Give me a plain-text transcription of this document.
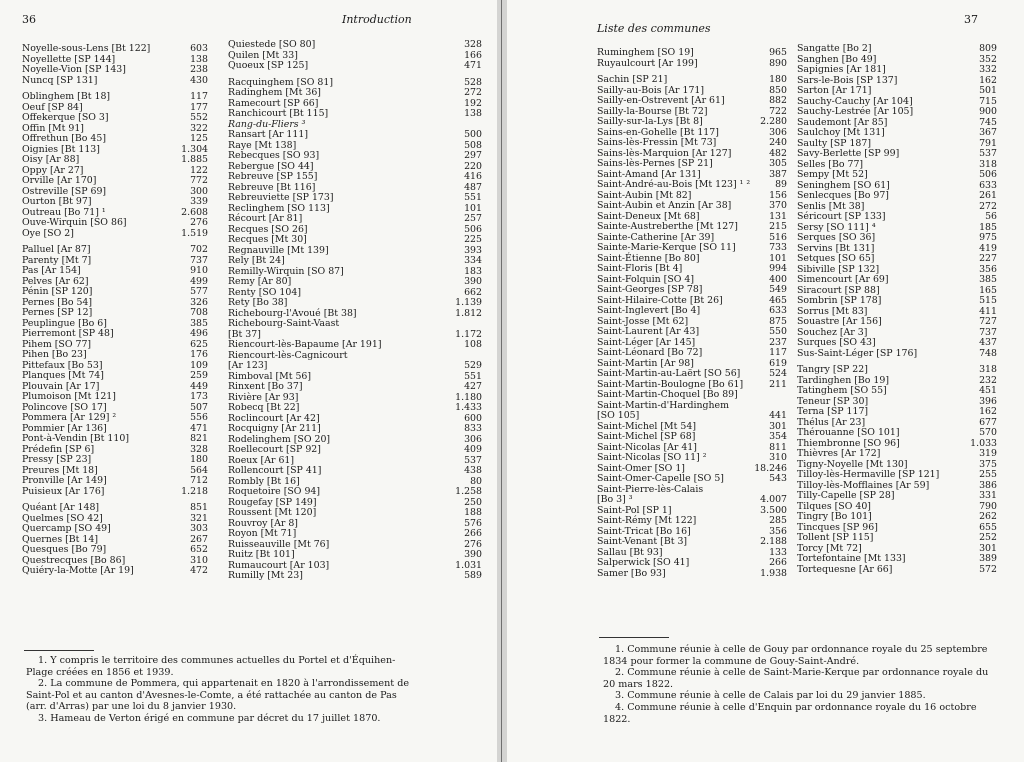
36	Introduction
Noyelle-sous-Lens [Bt 122]	603
Noyellette [SP 144]	138
Noyelle-Vion [SP 143]	238
Nuncq [SP 131]	430
Oblinghem [Bt 18]	117
Oeuf [SP 84]	177
Offekerque [SO 3]	552
Offin [Mt 91]	322
Offrethun [Bo 45]	125
Oignies [Bt 113]	1.304
Oisy [Ar 88]	1.885
Oppy [Ar 27]	122
Orville [Ar 170]	772
Ostreville [SP 69]	300
Ourton [Bt 97]	339
Outreau [Bo 71] ¹	2.608
Ouve-Wirquin [SO 86]	276
Oye [SO 2]	1.519
Palluel [Ar 87]	702
Parenty [Mt 7]	737
Pas [Ar 154]	910
Pelves [Ar 62]	499
Pénin [SP 120]	577
Pernes [Bo 54]	326
Pernes [SP 12]	708
Peuplingue [Bo 6]	385
Pierremont [SP 48]	496
Pihem [SO 77]	625
Pihen [Bo 23]	176
Pittefaux [Bo 53]	109
Planques [Mt 74]	259
Plouvain [Ar 17]	449
Plumoison [Mt 121]	173
Polincove [SO 17]	507
Pommera [Ar 129] ²	556
Pommier [Ar 136]	471
Pont-à-Vendin [Bt 110]	821
Prédefin [SP 6]	328
Pressy [SP 23]	180
Preures [Mt 18]	564
Pronville [Ar 149]	712
Puisieux [Ar 176]	1.218
Quéant [Ar 148]	851
Quelmes [SO 42]	321
Quercamp [SO 49]	303
Quernes [Bt 14]	267
Quesques [Bo 79]	652
Questrecques [Bo 86]	310
Quiéry-la-Motte [Ar 19]	472
Quiestede [SO 80]	328
Quilen [Mt 33]	166
Quoeux [SP 125]	471
Racquinghem [SO 81]	528
Radinghem [Mt 36]	272
Ramecourt [SP 66]	192
Ranchicourt [Bt 115]	138
Rang-du-Fliers ³
Ransart [Ar 111]	500
Raye [Mt 138]	508
Rebecques [SO 93]	297
Rebergue [SO 44]	220
Rebreuve [SP 155]	416
Rebreuve [Bt 116]	487
Rebreuviette [SP 173]	551
Reclinghem [SO 113]	101
Récourt [Ar 81]	257
Recques [SO 26]	506
Recques [Mt 30]	225
Regnauville [Mt 139]	393
Rely [Bt 24]	334
Remilly-Wirquin [SO 87]	183
Remy [Ar 80]	390
Renty [SO 104]	662
Rety [Bo 38]	1.139
Richebourg-l'Avoué [Bt 38]	1.812
Richebourg-Saint-Vaast
[Bt 37]	1.172
Riencourt-lès-Bapaume [Ar 191]	108
Riencourt-lès-Cagnicourt
[Ar 123]	529
Rimboval [Mt 56]	551
Rinxent [Bo 37]	427
Rivière [Ar 93]	1.180
Robecq [Bt 22]	1.433
Roclincourt [Ar 42]	600
Rocquigny [Ar 211]	833
Rodelinghem [SO 20]	306
Roellecourt [SP 92]	409
Roeux [Ar 61]	537
Rollencourt [SP 41]	438
Rombly [Bt 16]	80
Roquetoire [SO 94]	1.258
Rougefay [SP 149]	250
Roussent [Mt 120]	188
Rouvroy [Ar 8]	576
Royon [Mt 71]	266
Ruisseauville [Mt 76]	276
Ruitz [Bt 101]	390
Rumaucourt [Ar 103]	1.031
Rumilly [Mt 23]	589
1. Y compris le territoire des communes actuelles du Portel et d'Équihen-
Plage créées en 1856 et 1939.
2. La commune de Pommera, qui appartenait en 1820 à l'arrondissement de
Saint-Pol et au canton d'Avesnes-le-Comte, a été rattachée au canton de Pas
(arr. d'Arras) par une loi du 8 janvier 1930.
3. Hameau de Verton érigé en commune par décret du 17 juillet 1870.
Liste des communes
37
Ruminghem [SO 19]	965
Ruyaulcourt [Ar 199]	890
Sachin [SP 21]	180
Sailly-au-Bois [Ar 171]	850
Sailly-en-Ostrevent [Ar 61]	882
Sailly-la-Bourse [Bt 72]	722
Sailly-sur-la-Lys [Bt 8]	2.280
Sains-en-Gohelle [Bt 117]	306
Sains-lès-Fressin [Mt 73]	240
Sains-lès-Marquion [Ar 127]	482
Sains-lès-Pernes [SP 21]	305
Saint-Amand [Ar 131]	387
Saint-André-au-Bois [Mt 123] ¹ ²	89
Saint-Aubin [Mt 82]	156
Saint-Aubin et Anzin [Ar 38]	370
Saint-Deneux [Mt 68]	131
Sainte-Austreberthe [Mt 127]	215
Sainte-Catherine [Ar 39]	516
Sainte-Marie-Kerque [SO 11]	733
Saint-Étienne [Bo 80]	101
Saint-Floris [Bt 4]	994
Saint-Folquin [SO 4]	400
Saint-Georges [SP 78]	549
Saint-Hilaire-Cotte [Bt 26]	465
Saint-Inglevert [Bo 4]	633
Saint-Josse [Mt 62]	875
Saint-Laurent [Ar 43]	550
Saint-Léger [Ar 145]	237
Saint-Léonard [Bo 72]	117
Saint-Martin [Ar 98]	619
Saint-Martin-au-Laërt [SO 56]	524
Saint-Martin-Boulogne [Bo 61]	211
Saint-Martin-Choquel [Bo 89]
Saint-Martin-d'Hardinghem
[SO 105]	441
Saint-Michel [Mt 54]	301
Saint-Michel [SP 68]	354
Saint-Nicolas [Ar 41]	811
Saint-Nicolas [SO 11] ²	310
Saint-Omer [SO 1]	18.246
Saint-Omer-Capelle [SO 5]	543
Saint-Pierre-lès-Calais
[Bo 3] ³	4.007
Saint-Pol [SP 1]	3.500
Saint-Rémy [Mt 122]	285
Saint-Tricat [Bo 16]	356
Saint-Venant [Bt 3]	2.188
Sallau [Bt 93]	133
Salperwick [SO 41]	266
Samer [Bo 93]	1.938
Sangatte [Bo 2]	809
Sanghen [Bo 49]	352
Sapignies [Ar 181]	332
Sars-le-Bois [SP 137]	162
Sarton [Ar 171]	501
Sauchy-Cauchy [Ar 104]	715
Sauchy-Lestrée [Ar 105]	900
Saudemont [Ar 85]	745
Saulchoy [Mt 131]	367
Saulty [SP 187]	791
Savy-Berlette [SP 99]	537
Selles [Bo 77]	318
Sempy [Mt 52]	506
Seninghem [SO 61]	633
Senlecques [Bo 97]	261
Senlis [Mt 38]	272
Séricourt [SP 133]	56
Sersy [SO 111] ⁴	185
Serques [SO 36]	975
Servins [Bt 131]	419
Setques [SO 65]	227
Sibiville [SP 132]	356
Simencourt [Ar 69]	385
Siracourt [SP 88]	165
Sombrin [SP 178]	515
Sorrus [Mt 83]	411
Souastre [Ar 156]	727
Souchez [Ar 3]	737
Surques [SO 43]	437
Sus-Saint-Léger [SP 176]	748
Tangry [SP 22]	318
Tardinghen [Bo 19]	232
Tatinghem [SO 55]	451
Teneur [SP 30]	396
Terna [SP 117]	162
Thélus [Ar 23]	677
Thérouanne [SO 101]	570
Thiembronne [SO 96]	1.033
Thièvres [Ar 172]	319
Tigny-Noyelle [Mt 130]	375
Tilloy-lès-Hermaville [SP 121]	255
Tilloy-lès-Mofflaines [Ar 59]	386
Tilly-Capelle [SP 28]	331
Tilques [SO 40]	790
Tingry [Bo 101]	262
Tincques [SP 96]	655
Tollent [SP 115]	252
Torcy [Mt 72]	301
Tortefontaine [Mt 133]	389
Tortequesne [Ar 66]	572
1. Commune réunie à celle de Gouy par ordonnance royale du 25 septembre
1834 pour former la commune de Gouy-Saint-André.
2. Commune réunie à celle de Saint-Marie-Kerque par ordonnance royale du
20 mars 1822.
3. Commune réunie à celle de Calais par loi du 29 janvier 1885.
4. Commune réunie à celle d'Enquin par ordonnance royale du 16 octobre
1822.
